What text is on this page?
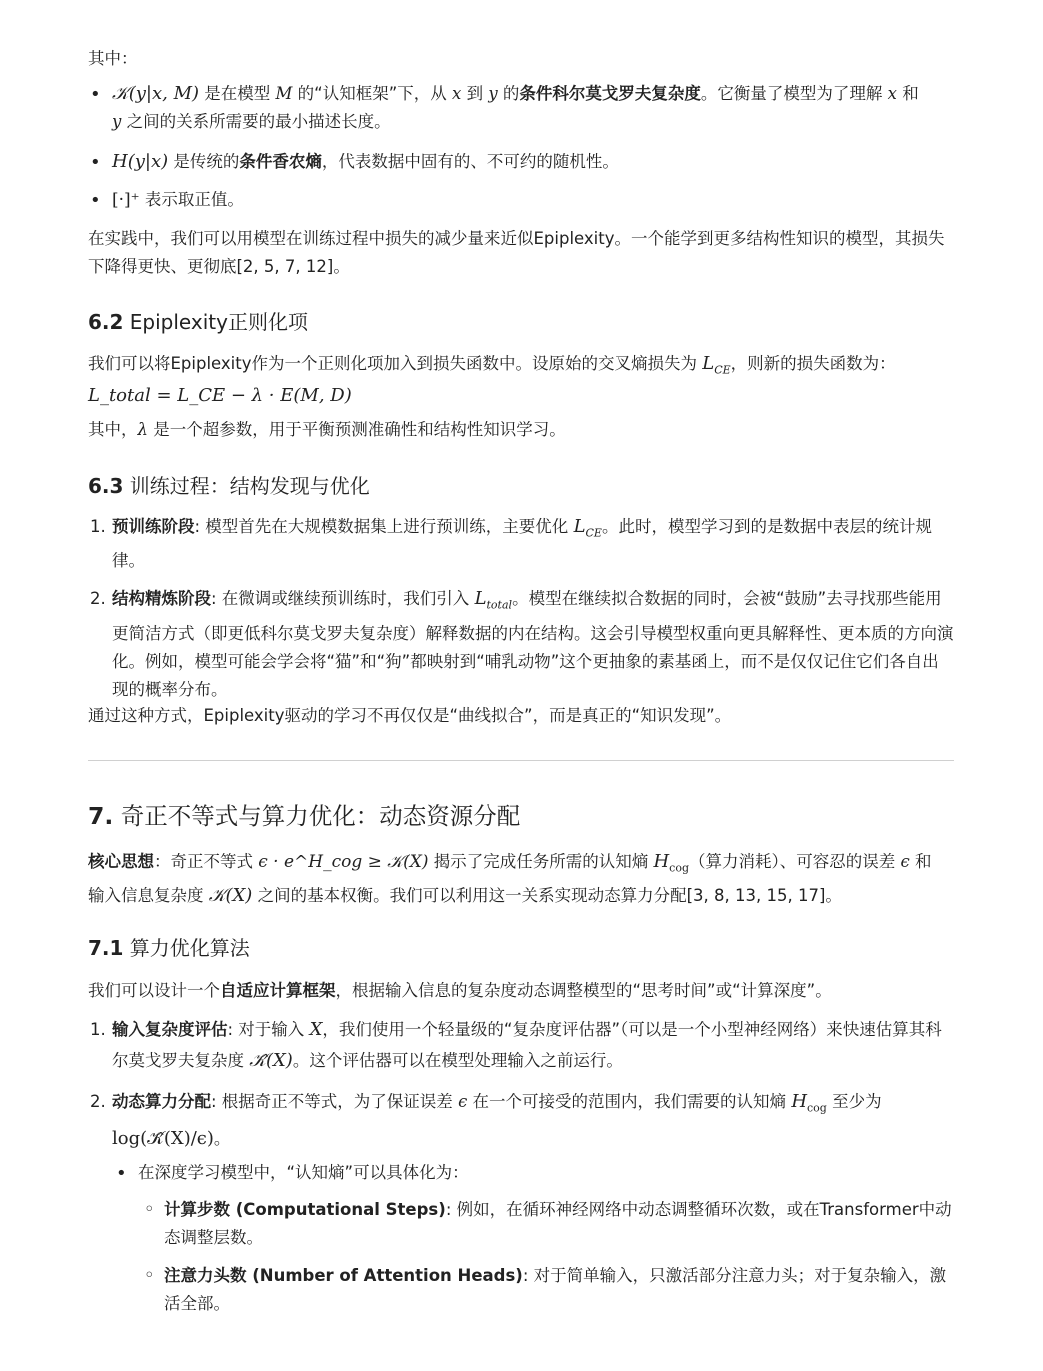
其中：

• 𝒦(y|x, M) 是在模型 M 的“认知框架”下，从 x 到 y 的条件科尔莫戈罗夫复杂度。它衡量了模型为了理解 x 和
y 之间的关系所需要的最小描述长度。
• H(y|x) 是传统的条件香农熵，代表数据中固有的、不可约的随机性。
• [·]⁺ 表示取正值。

在实践中，我们可以用模型在训练过程中损失的减少量来近似Epiplexity。一个能学到更多结构性知识的模型，其损失下降得更快、更彻底[2, 5, 7, 12]。

6.2 Epiplexity正则化项

我们可以将Epiplexity作为一个正则化项加入到损失函数中。设原始的交叉熵损失为 $L_{CE}$，则新的损失函数为：

L_total = L_CE − λ · E(M, D)

其中，λ 是一个超参数，用于平衡预测准确性和结构性知识学习。

6.3 训练过程：结构发现与优化
1. 预训练阶段: 模型首先在大规模数据集上进行预训练，主要优化 $L_{CE}$。此时，模型学习到的是数据中表层的统计规律。
2. 结构精炼阶段: 在微调或继续预训练时，我们引入 $L_{total}$。模型在继续拟合数据的同时，会被“鼓励”去寻找那些能用更简洁方式（即更低科尔莫戈罗夫复杂度）解释数据的内在结构。这会引导模型权重向更具解释性、更本质的方向演化。例如，模型可能会学会将“猫”和“狗”都映射到“哺乳动物”这个更抽象的素基函上，而不是仅仅记住它们各自出现的概率分布。

通过这种方式，Epiplexity驱动的学习不再仅仅是“曲线拟合”，而是真正的“知识发现”。

7. 奇正不等式与算力优化：动态资源分配

核心思想：奇正不等式 ϵ · e^H_cog ≥ 𝒦(X) 揭示了完成任务所需的认知熵 $H_{cog}$（算力消耗）、可容忍的误差 ϵ 和
输入信息复杂度 𝒦(X) 之间的基本权衡。我们可以利用这一关系实现动态算力分配[3, 8, 13, 15, 17]。

7.1 算力优化算法

我们可以设计一个自适应计算框架，根据输入信息的复杂度动态调整模型的“思考时间”或“计算深度”。

1. 输入复杂度评估: 对于输入 X，我们使用一个轻量级的“复杂度评估器”（可以是一个小型神经网络）来快速估算其科尔莫戈罗夫复杂度 𝒦̂(X)。这个评估器可以在模型处理输入之前运行。
2. 动态算力分配: 根据奇正不等式，为了保证误差 ϵ 在一个可接受的范围内，我们需要的认知熵 $H_{cog}$ 至少为
log(𝒦̂(X)/ϵ)。
• 在深度学习模型中，“认知熵”可以具体化为：
◦ 计算步数 (Computational Steps): 例如，在循环神经网络中动态调整循环次数，或在Transformer中动态调整层数。
◦ 注意力头数 (Number of Attention Heads): 对于简单输入，只激活部分注意力头；对于复杂输入，激活全部。
